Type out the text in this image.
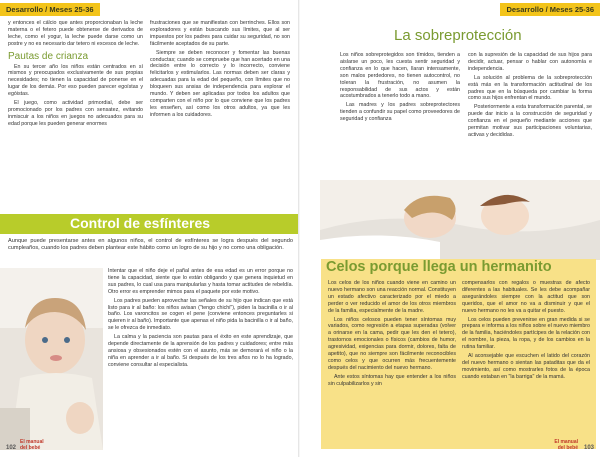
Desarrollo / Meses 25-36

y entonces el cálcio que antes proporcionaban la leche materna o el fetero puede obtenerse de derivados de leche, como el yogur, la leche puede darse como un postre y no es necesario dar tetero ni excesos de leche.

Pautas de crianza

En su tercer año los niños están centrados en sí mismos y preocupados exclusivamente de sus propias necesidades; no tienen la capacidad de ponerse en el lugar de los demás. Por eso pueden parecer egoístas y egóistas.

El juego, como actividad primordial, debe ser promocionado por los padres con sensatez, evitando inmiscuir a los niños en juegos no adecuados para su edad porque les pueden generar enormes

frustraciones que se manifiestan con berrinches. Ellos son exploradores y están buscando sus límites, que al ser impuestos por los padres para cuidar su seguridad, no son fácilmente aceptados de su parte.

Siempre se deben reconocer y fomentar las buenas conductas; cuando se compruebe que han acertado en una decisión entre lo correcto y lo incorrecto, conviene felicitarlos y estimularlos. Las normas deben ser claras y adecuadas para la edad del pequeño, con límites que no bloqueen sus ansias de independencia para explorar el mundo. Y deben ser aplicadas por todos los adultos que comparten con el niño por lo que conviene que los padres les enseñen, así como los otros adultos, ya que les informen a los cuidadores.

Control de esfínteres
Aunque puede presentarse antes en algunos niños, el control de esfínteres se logra después del segundo cumpleaños, cuando los padres deben plantear este hábito como un logro de su hijo y no como una obligación.

Intentar que el niño deje el pañal antes de esa edad es un error porque no tiene la capacidad, siente que lo están obligando y que genera inquietud en sus padres, lo cual usa para manipularlas y hasta tomar actitudes de rebeldía. Otro error es emprender mimos para el paquete por este motivo.

Los padres pueden aprovechar las señales de su hijo que indican que está listo para ir al baño: los niños avisan ("tengo chichi"), piden la bacinilla o ir al baño. Los varoncitos se cogen el pene (conviene entonces preguntarles si quieren ir al baño). Importante que apenas el niño pida la bacinilla o ir al baño, se le ofrezca de inmediato.

La calma y la paciencia son pautas para el éxito en este aprendizaje, que depende directamente de la aprensión de los padres y cuidadores; entre más ansiosa y obsesionados estén con el asunto, más se demorará el niño o la niña en aprender a ir al baño. Si después de los tres años no lo ha logrado, conviene consultar al especialista.

El manual
del bebé
102
Desarrollo / Meses 25-36
La sobreprotección

Los niños sobreprotegidos son tímidos, tienden a aislarse un poco, les cuesta sentir seguridad y confianza en lo que hacen, llaran intensamente, son malos perdedores, no tienen autocontrol, no toleran la frustración, no asumen la responsabilidad de sus actos y están acostumbrados a tenerlo todo a mano.

Las madres y los padres sobreprotectores tienden a confundir su papel como proveedores de seguridad y confianza

con la supresión de la capacidad de sus hijos para decidir, actuar, pensar o hablar con autonomía e independencia.

La solución al problema de la sobreprotección está más en la transformación actitudinal de los padres que en la búsqueda por cambiar la forma como sus hijos enfrentan el mundo.

Posteriormente a esta transformación parental, se puede dar inicio a la construcción de seguridad y confianza en el pequeño mediante acciones que permitan motivar sus participaciones voluntarias, activas y decididas.

Celos porque llega un hermanito

Los celos de los niños cuando viene en camino un nuevo hermano son una reacción normal. Constituyen un estado afectivo caracterizado por el miedo a perder o ver reducido el amor de los otros miembros de la familia, especialmente de la madre.

Los niños celosos pueden tener síntomas muy variados, como regresión a etapas superadas (volver a orinarse en la cama, pedir que les den el tetero), trastornos emocionales o físicos (cambios de humor, agresividad, exigencias para dormir, dolores, falta de apetito), que no siempre son fácilmente reconocibles como celos y que ocurren más frecuentemente después del nacimiento del nuevo hermano.

Ante estos síntomas hay que entender a los niños sin culpabilizarlos y sin

compensarlos con regalos o muestras de afecto diferentes a las habituales. Se les debe acompañar asegurándoles siempre con la actitud que son queridos, que el amor no va a disminuir y que el nuevo hermano no les va a quitar el puesto.

Los celos pueden prevenirse en gran medida si se prepara e informa a los niños sobre el nuevo miembro de la familia, haciéndoles partícipes de la relación con el nombre, la pieza, la ropa, y de los cambios en la rutina familiar.

Al aconsejable que escuchen el latido del corazón del nuevo hermano o sientan las pataditas que da el movimiento, así como mostrarles fotos de la época cuando estaban en "la barriga" de la mamá.

El manual
del bebé 103
